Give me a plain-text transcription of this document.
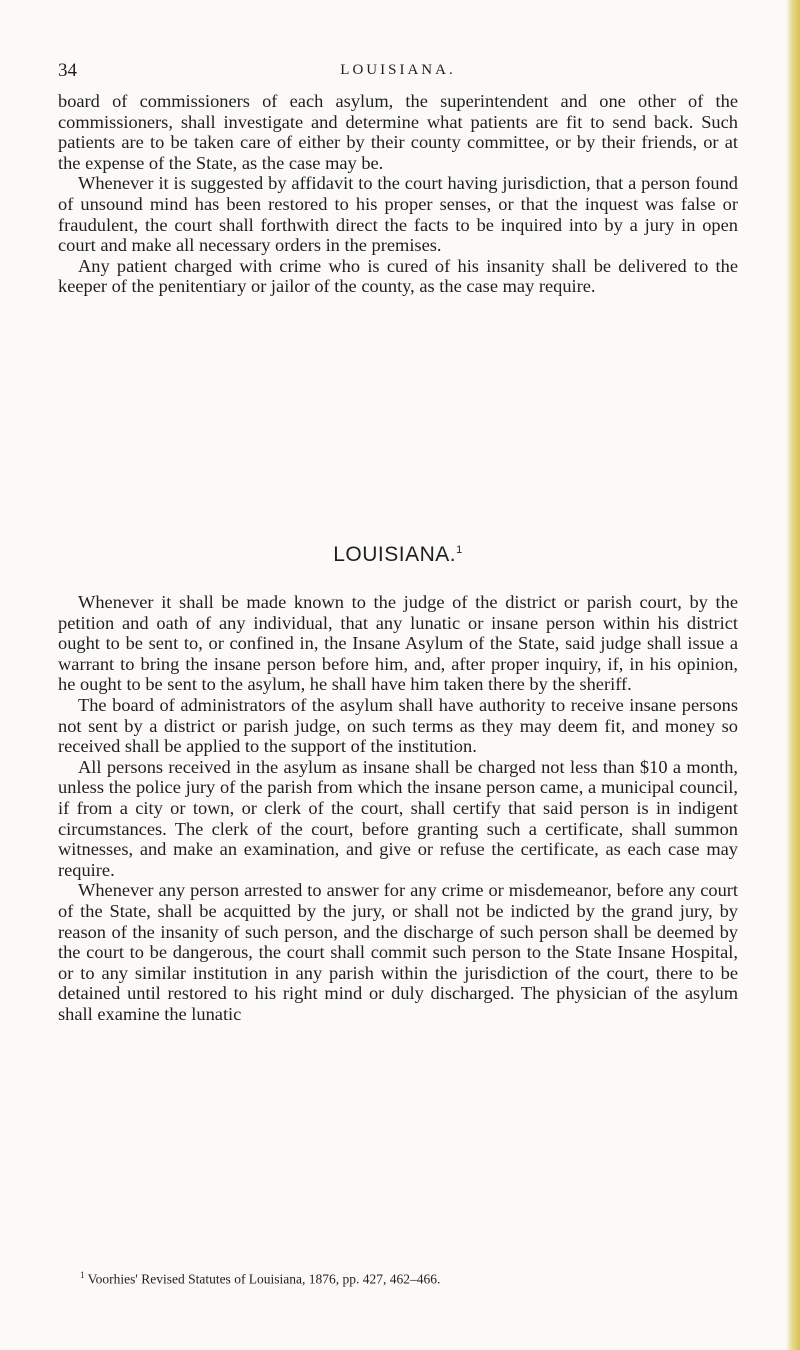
34	LOUISIANA.

board of commissioners of each asylum, the superintendent and one other of the commissioners, shall investigate and determine what patients are fit to send back. Such patients are to be taken care of either by their county committee, or by their friends, or at the expense of the State, as the case may be.

Whenever it is suggested by affidavit to the court having jurisdiction, that a person found of unsound mind has been restored to his proper senses, or that the inquest was false or fraudulent, the court shall forthwith direct the facts to be inquired into by a jury in open court and make all necessary orders in the premises.

Any patient charged with crime who is cured of his insanity shall be delivered to the keeper of the penitentiary or jailor of the county, as the case may require.

LOUISIANA.$^1$

Whenever it shall be made known to the judge of the district or parish court, by the petition and oath of any individual, that any lunatic or insane person within his district ought to be sent to, or confined in, the Insane Asylum of the State, said judge shall issue a warrant to bring the insane person before him, and, after proper inquiry, if, in his opinion, he ought to be sent to the asylum, he shall have him taken there by the sheriff.

The board of administrators of the asylum shall have authority to receive insane persons not sent by a district or parish judge, on such terms as they may deem fit, and money so received shall be applied to the support of the institution.

All persons received in the asylum as insane shall be charged not less than $10 a month, unless the police jury of the parish from which the insane person came, a municipal council, if from a city or town, or clerk of the court, shall certify that said person is in indigent circumstances. The clerk of the court, before granting such a certificate, shall summon witnesses, and make an examination, and give or refuse the certificate, as each case may require.

Whenever any person arrested to answer for any crime or misdemeanor, before any court of the State, shall be acquitted by the jury, or shall not be indicted by the grand jury, by reason of the insanity of such person, and the discharge of such person shall be deemed by the court to be dangerous, the court shall commit such person to the State Insane Hospital, or to any similar institution in any parish within the jurisdiction of the court, there to be detained until restored to his right mind or duly discharged. The physician of the asylum shall examine the lunatic

$^1$ Voorhies' Revised Statutes of Louisiana, 1876, pp. 427, 462–466.
